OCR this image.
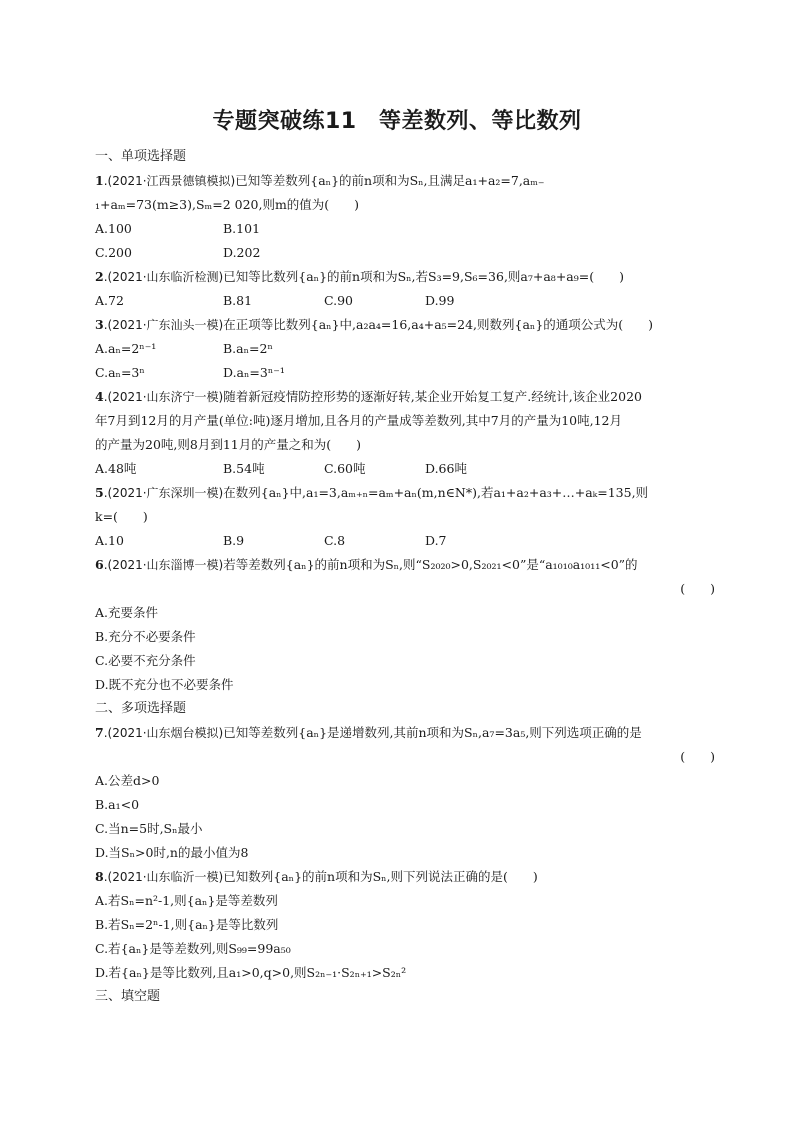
专题突破练11　等差数列、等比数列
一、单项选择题
1.(2021·江西景德镇模拟)已知等差数列{aₙ}的前n项和为Sₙ,且满足a₁+a₂=7,aₘ₋
₁+aₘ=73(m≥3),Sₘ=2 020,则m的值为(　　)
A.100	B.101
C.200	D.202
2.(2021·山东临沂检测)已知等比数列{aₙ}的前n项和为Sₙ,若S₃=9,S₆=36,则a₇+a₈+a₉=(　　)
A.72	B.81	C.90	D.99
3.(2021·广东汕头一模)在正项等比数列{aₙ}中,a₂a₄=16,a₄+a₅=24,则数列{aₙ}的通项公式为(　　)
A.aₙ=2ⁿ⁻¹	B.aₙ=2ⁿ
C.aₙ=3ⁿ	D.aₙ=3ⁿ⁻¹
4.(2021·山东济宁一模)随着新冠疫情防控形势的逐渐好转,某企业开始复工复产.经统计,该企业2020
年7月到12月的月产量(单位:吨)逐月增加,且各月的产量成等差数列,其中7月的产量为10吨,12月
的产量为20吨,则8月到11月的产量之和为(　　)
A.48吨	B.54吨	C.60吨	D.66吨
5.(2021·广东深圳一模)在数列{aₙ}中,a₁=3,aₘ₊ₙ=aₘ+aₙ(m,n∈N*),若a₁+a₂+a₃+…+aₖ=135,则
k=(　　)
A.10	B.9	C.8	D.7
6.(2021·山东淄博一模)若等差数列{aₙ}的前n项和为Sₙ,则“S₂₀₂₀>0,S₂₀₂₁<0”是“a₁₀₁₀a₁₀₁₁<0”的
(　　)
A.充要条件
B.充分不必要条件
C.必要不充分条件
D.既不充分也不必要条件
二、多项选择题
7.(2021·山东烟台模拟)已知等差数列{aₙ}是递增数列,其前n项和为Sₙ,a₇=3a₅,则下列选项正确的是
(　　)
A.公差d>0
B.a₁<0
C.当n=5时,Sₙ最小
D.当Sₙ>0时,n的最小值为8
8.(2021·山东临沂一模)已知数列{aₙ}的前n项和为Sₙ,则下列说法正确的是(　　)
A.若Sₙ=n²-1,则{aₙ}是等差数列
B.若Sₙ=2ⁿ-1,则{aₙ}是等比数列
C.若{aₙ}是等差数列,则S₉₉=99a₅₀
D.若{aₙ}是等比数列,且a₁>0,q>0,则S₂ₙ₋₁·S₂ₙ₊₁>S₂ₙ²
三、填空题
